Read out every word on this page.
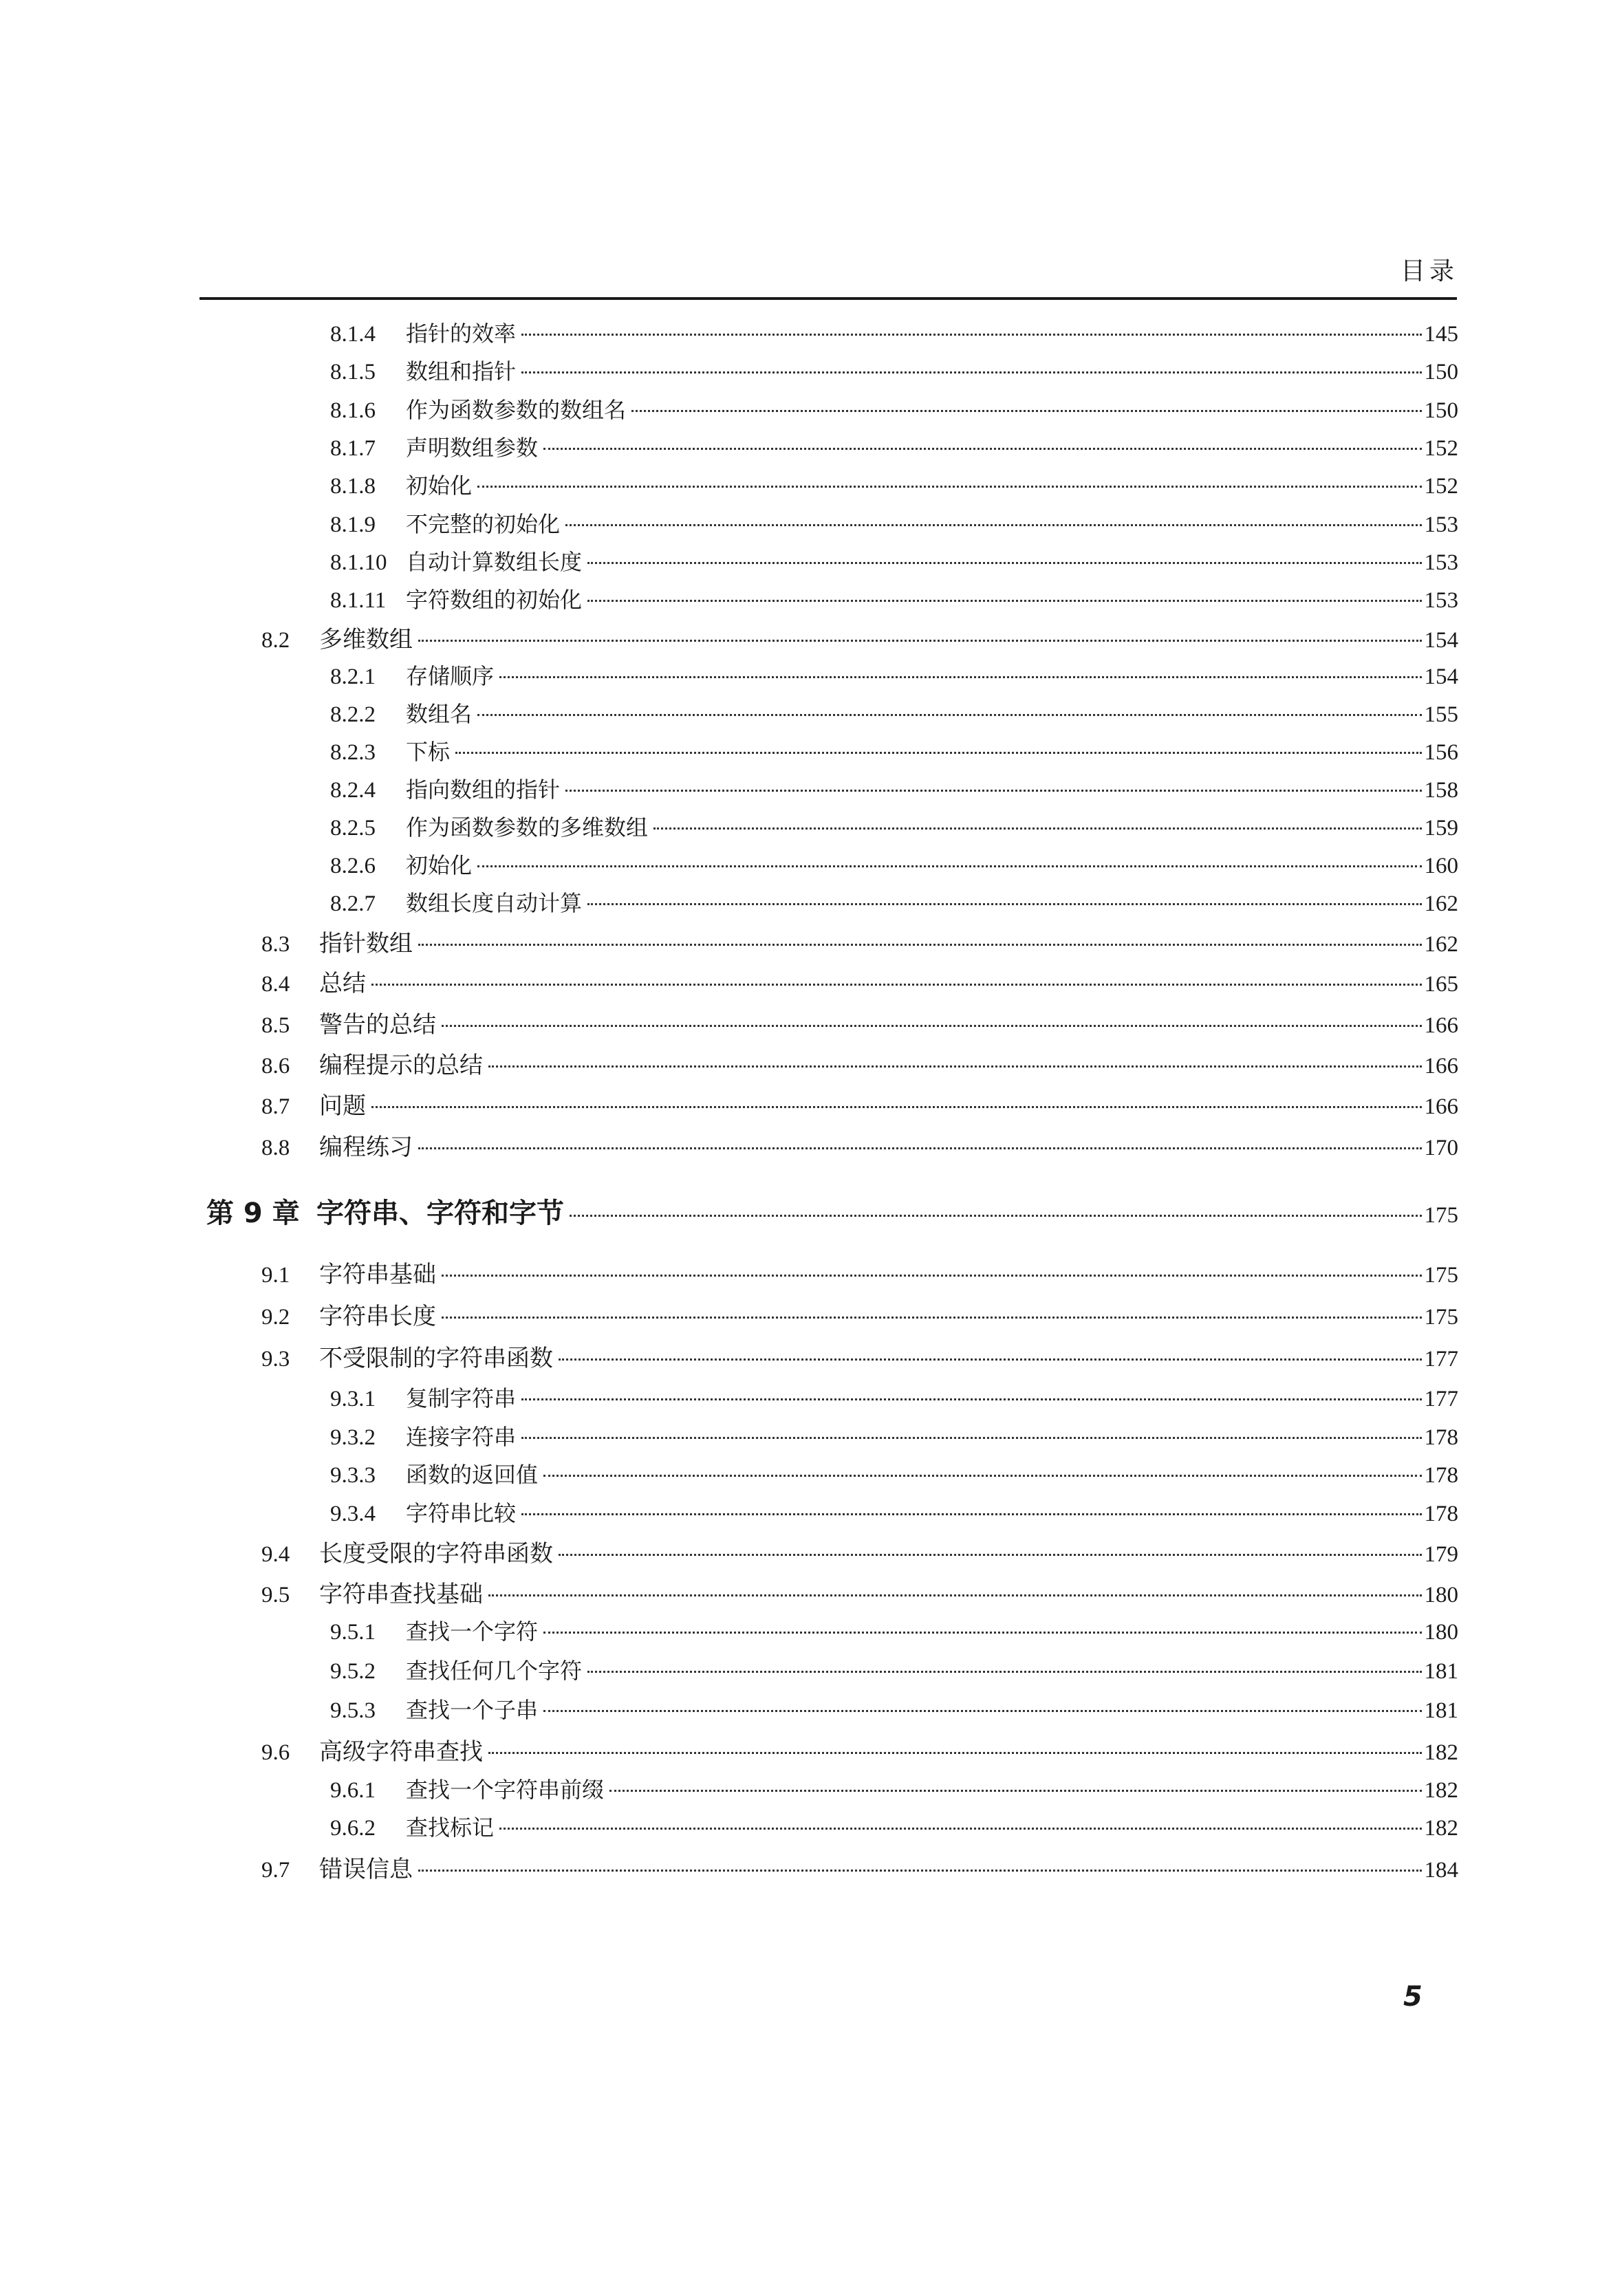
目录
8.1.4	指针的效率	145
8.1.5	数组和指针	150
8.1.6	作为函数参数的数组名	150
8.1.7	声明数组参数	152
8.1.8	初始化	152
8.1.9	不完整的初始化	153
8.1.10 自动计算数组长度	153
8.1.11 字符数组的初始化	153
8.2	多维数组	154
8.2.1	存储顺序	154
8.2.2	数组名	155
8.2.3	下标	156
8.2.4	指向数组的指针	158
8.2.5	作为函数参数的多维数组	159
8.2.6	初始化	160
8.2.7	数组长度自动计算	162
8.3	指针数组	162
8.4	总结	165
8.5	警告的总结	166
8.6	编程提示的总结	166
8.7	问题	166
8.8	编程练习	170
第 9 章 字符串、字符和字节	175
9.1	字符串基础	175
9.2	字符串长度	175
9.3	不受限制的字符串函数	177
9.3.1	复制字符串	177
9.3.2	连接字符串	178
9.3.3	函数的返回值	178
9.3.4	字符串比较	178
9.4	长度受限的字符串函数	179
9.5	字符串查找基础	180
9.5.1	查找一个字符	180
9.5.2	查找任何几个字符	181
9.5.3	查找一个子串	181
9.6	高级字符串查找	182
9.6.1	查找一个字符串前缀	182
9.6.2	查找标记	182
9.7	错误信息	184
5
